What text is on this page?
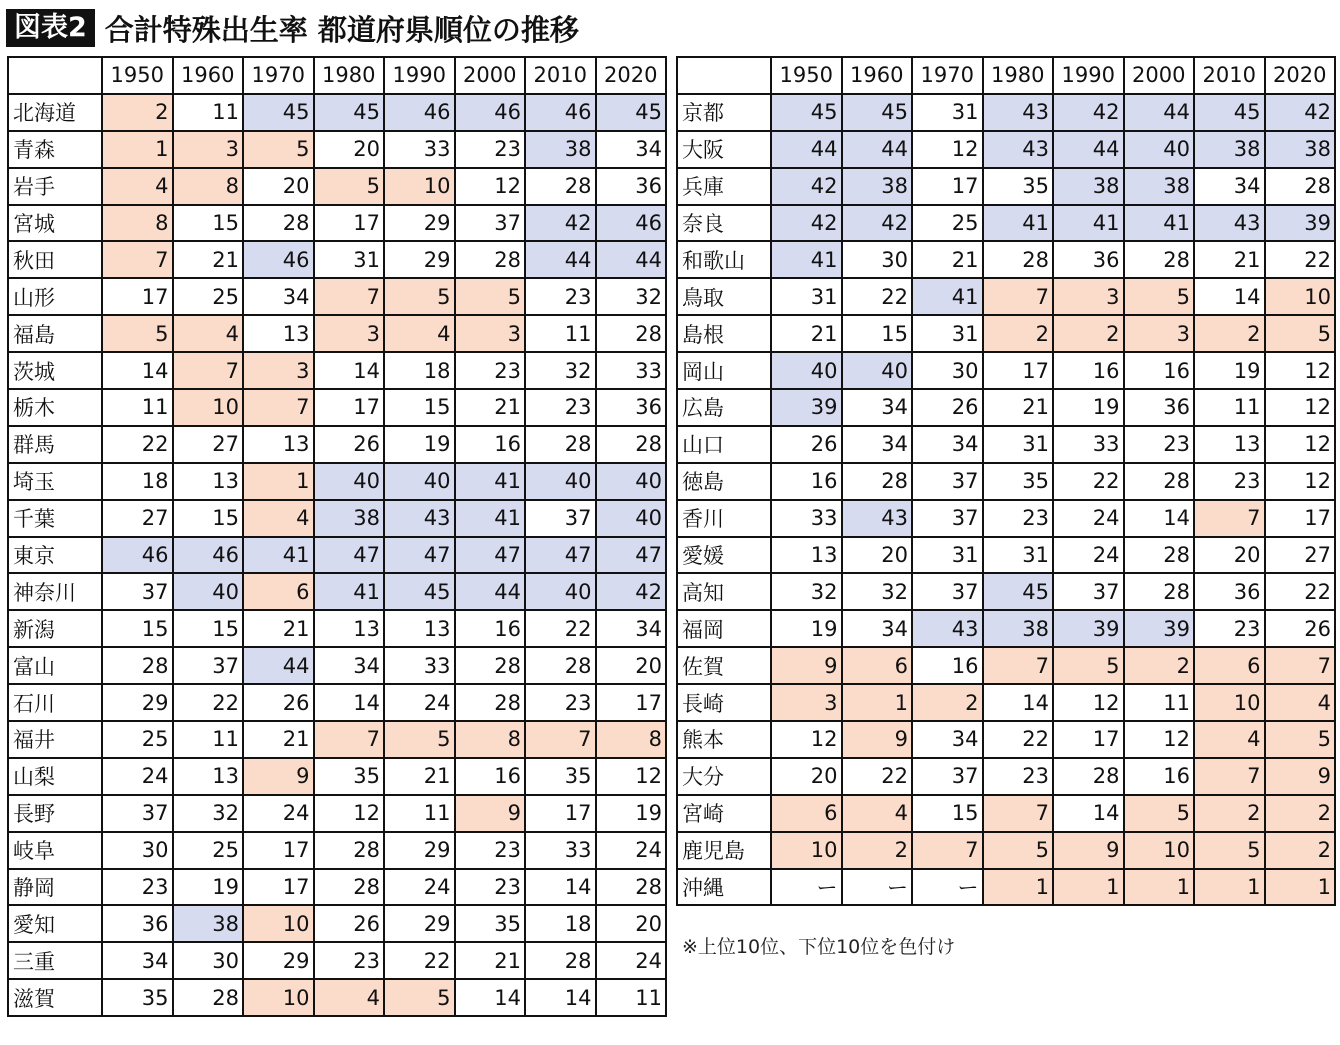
図表2 合計特殊出生率 都道府県順位の推移
	1950	1960	1970	1980	1990	2000	2010	2020
北海道	2	11	45	45	46	46	46	45
青森	1	3	5	20	33	23	38	34
岩手	4	8	20	5	10	12	28	36
宮城	8	15	28	17	29	37	42	46
秋田	7	21	46	31	29	28	44	44
山形	17	25	34	7	5	5	23	32
福島	5	4	13	3	4	3	11	28
茨城	14	7	3	14	18	23	32	33
栃木	11	10	7	17	15	21	23	36
群馬	22	27	13	26	19	16	28	28
埼玉	18	13	1	40	40	41	40	40
千葉	27	15	4	38	43	41	37	40
東京	46	46	41	47	47	47	47	47
神奈川	37	40	6	41	45	44	40	42
新潟	15	15	21	13	13	16	22	34
富山	28	37	44	34	33	28	28	20
石川	29	22	26	14	24	28	23	17
福井	25	11	21	7	5	8	7	8
山梨	24	13	9	35	21	16	35	12
長野	37	32	24	12	11	9	17	19
岐阜	30	25	17	28	29	23	33	24
静岡	23	19	17	28	24	23	14	28
愛知	36	38	10	26	29	35	18	20
三重	34	30	29	23	22	21	28	24
滋賀	35	28	10	4	5	14	14	11
	1950	1960	1970	1980	1990	2000	2010	2020
京都	45	45	31	43	42	44	45	42
大阪	44	44	12	43	44	40	38	38
兵庫	42	38	17	35	38	38	34	28
奈良	42	42	25	41	41	41	43	39
和歌山	41	30	21	28	36	28	21	22
鳥取	31	22	41	7	3	5	14	10
島根	21	15	31	2	2	3	2	5
岡山	40	40	30	17	16	16	19	12
広島	39	34	26	21	19	36	11	12
山口	26	34	34	31	33	23	13	12
徳島	16	28	37	35	22	28	23	12
香川	33	43	37	23	24	14	7	17
愛媛	13	20	31	31	24	28	20	27
高知	32	32	37	45	37	28	36	22
福岡	19	34	43	38	39	39	23	26
佐賀	9	6	16	7	5	2	6	7
長崎	3	1	2	14	12	11	10	4
熊本	12	9	34	22	17	12	4	5
大分	20	22	37	23	28	16	7	9
宮崎	6	4	15	7	14	5	2	2
鹿児島	10	2	7	5	9	10	5	2
沖縄	ー	ー	ー	1	1	1	1	1
※上位10位、下位10位を色付け
